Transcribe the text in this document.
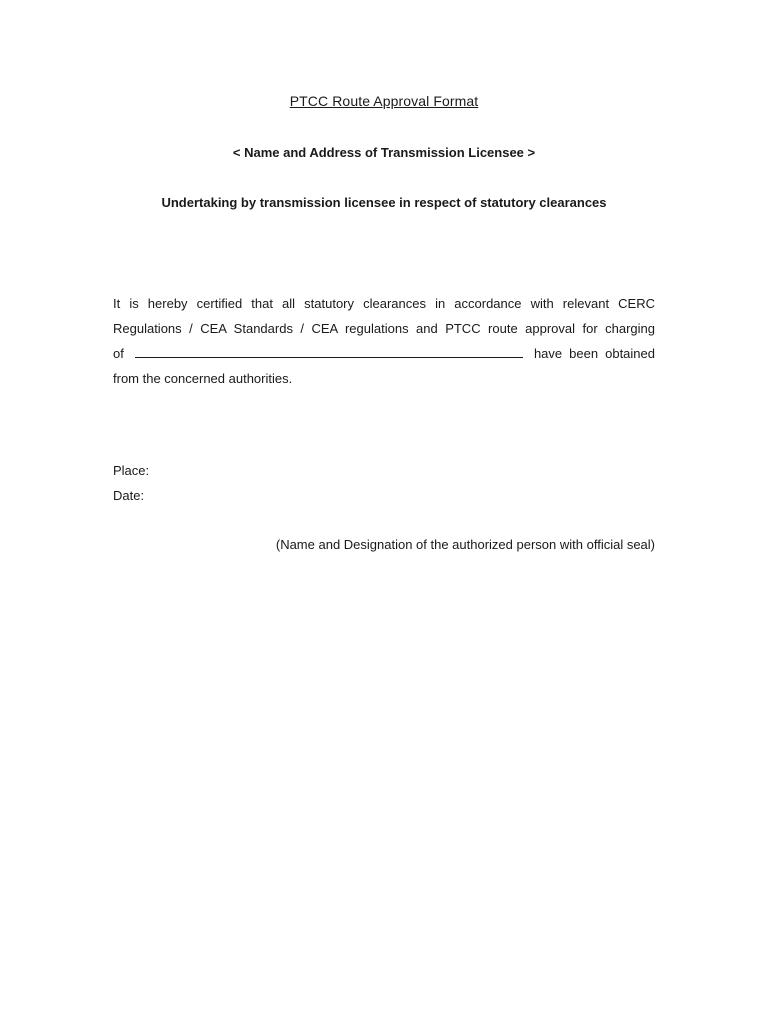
PTCC Route Approval Format
< Name and Address of Transmission Licensee >
Undertaking by transmission licensee in respect of statutory clearances
It is hereby certified that all statutory clearances in accordance with relevant CERC
Regulations / CEA Standards / CEA regulations and PTCC route approval for charging
of	have been obtained
from the concerned authorities.
Place:
Date:
(Name and Designation of the authorized person with official seal)
